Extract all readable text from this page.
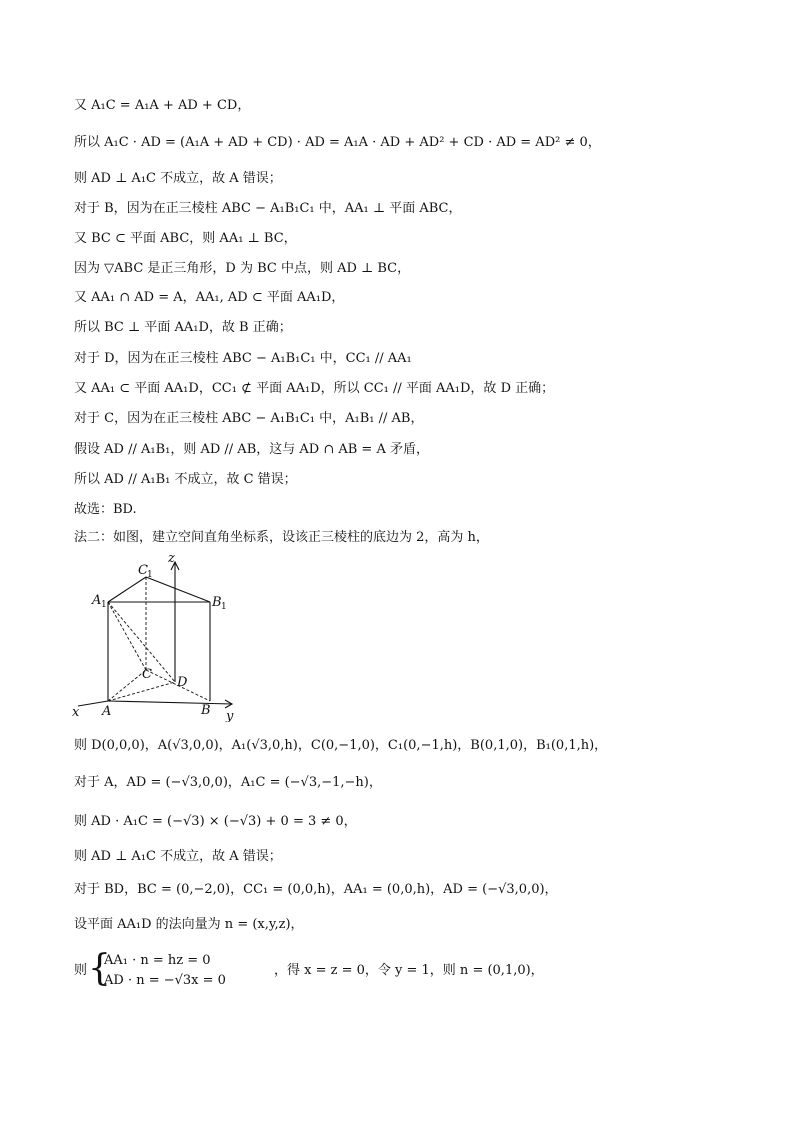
又 A₁C = A₁A + AD + CD，
所以 A₁C · AD = (A₁A + AD + CD) · AD = A₁A · AD + AD² + CD · AD = AD² ≠ 0，
则 AD ⊥ A₁C 不成立，故 A 错误；
对于 B，因为在正三棱柱 ABC − A₁B₁C₁ 中，AA₁ ⊥ 平面 ABC，
又 BC ⊂ 平面 ABC，则 AA₁ ⊥ BC，
因为 ▽ABC 是正三角形，D 为 BC 中点，则 AD ⊥ BC，
又 AA₁ ∩ AD = A，AA₁, AD ⊂ 平面 AA₁D，
所以 BC ⊥ 平面 AA₁D，故 B 正确；
对于 D，因为在正三棱柱 ABC − A₁B₁C₁ 中，CC₁ // AA₁
又 AA₁ ⊂ 平面 AA₁D，CC₁ ⊄ 平面 AA₁D，所以 CC₁ // 平面 AA₁D，故 D 正确；
对于 C，因为在正三棱柱 ABC − A₁B₁C₁ 中，A₁B₁ // AB，
假设 AD // A₁B₁，则 AD // AB，这与 AD ∩ AB = A 矛盾，
所以 AD // A₁B₁ 不成立，故 C 错误；
故选：BD.
法二：如图，建立空间直角坐标系，设该正三棱柱的底边为 2，高为 h，
z
C 1
A 1	B 1
C
D
x A	B y
则 D(0,0,0)，A(√3,0,0)，A₁(√3,0,h)，C(0,−1,0)，C₁(0,−1,h)，B(0,1,0)，B₁(0,1,h)，
对于 A，AD = (−√3,0,0)，A₁C = (−√3,−1,−h)，
则 AD · A₁C = (−√3) × (−√3) + 0 = 3 ≠ 0，
则 AD ⊥ A₁C 不成立，故 A 错误；
对于 BD，BC = (0,−2,0)，CC₁ = (0,0,h)，AA₁ = (0,0,h)，AD = (−√3,0,0)，
设平面 AA₁D 的法向量为 n = (x,y,z)，
则 {
AA₁ · n = hz = 0
AD · n = −√3x = 0
，得 x = z = 0，令 y = 1，则 n = (0,1,0)，
